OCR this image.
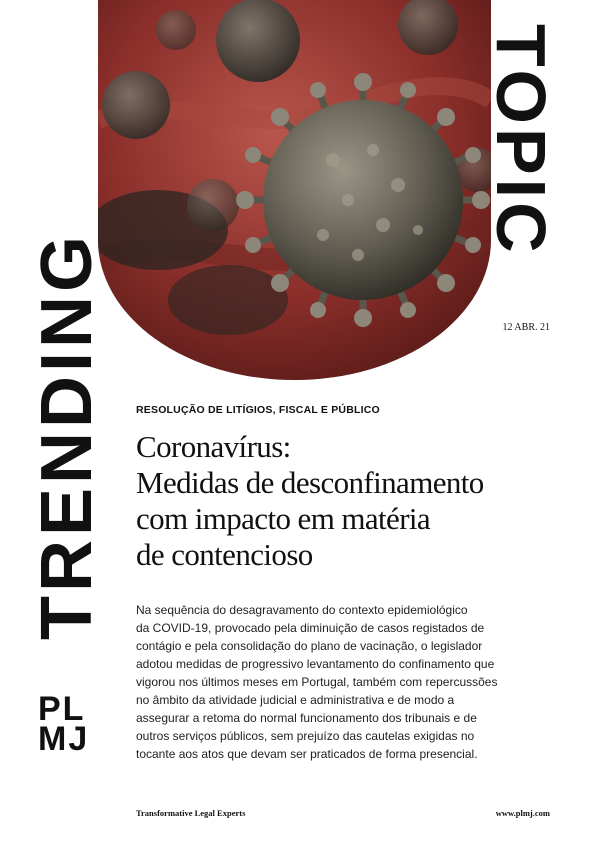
TRENDING
TOPIC
12 ABR. 21
RESOLUÇÃO DE LITÍGIOS, FISCAL E PÚBLICO
Coronavírus:
Medidas de desconfinamento
com impacto em matéria
de contencioso

Na sequência do desagravamento do contexto epidemiológico
da COVID-19, provocado pela diminuição de casos registados de
contágio e pela consolidação do plano de vacinação, o legislador
adotou medidas de progressivo levantamento do confinamento que
vigorou nos últimos meses em Portugal, também com repercussões
no âmbito da atividade judicial e administrativa e de modo a
assegurar a retoma do normal funcionamento dos tribunais e de
outros serviços públicos, sem prejuízo das cautelas exigidas no
tocante aos atos que devam ser praticados de forma presencial.

PL
MJ
Transformative Legal Experts	www.plmj.com
